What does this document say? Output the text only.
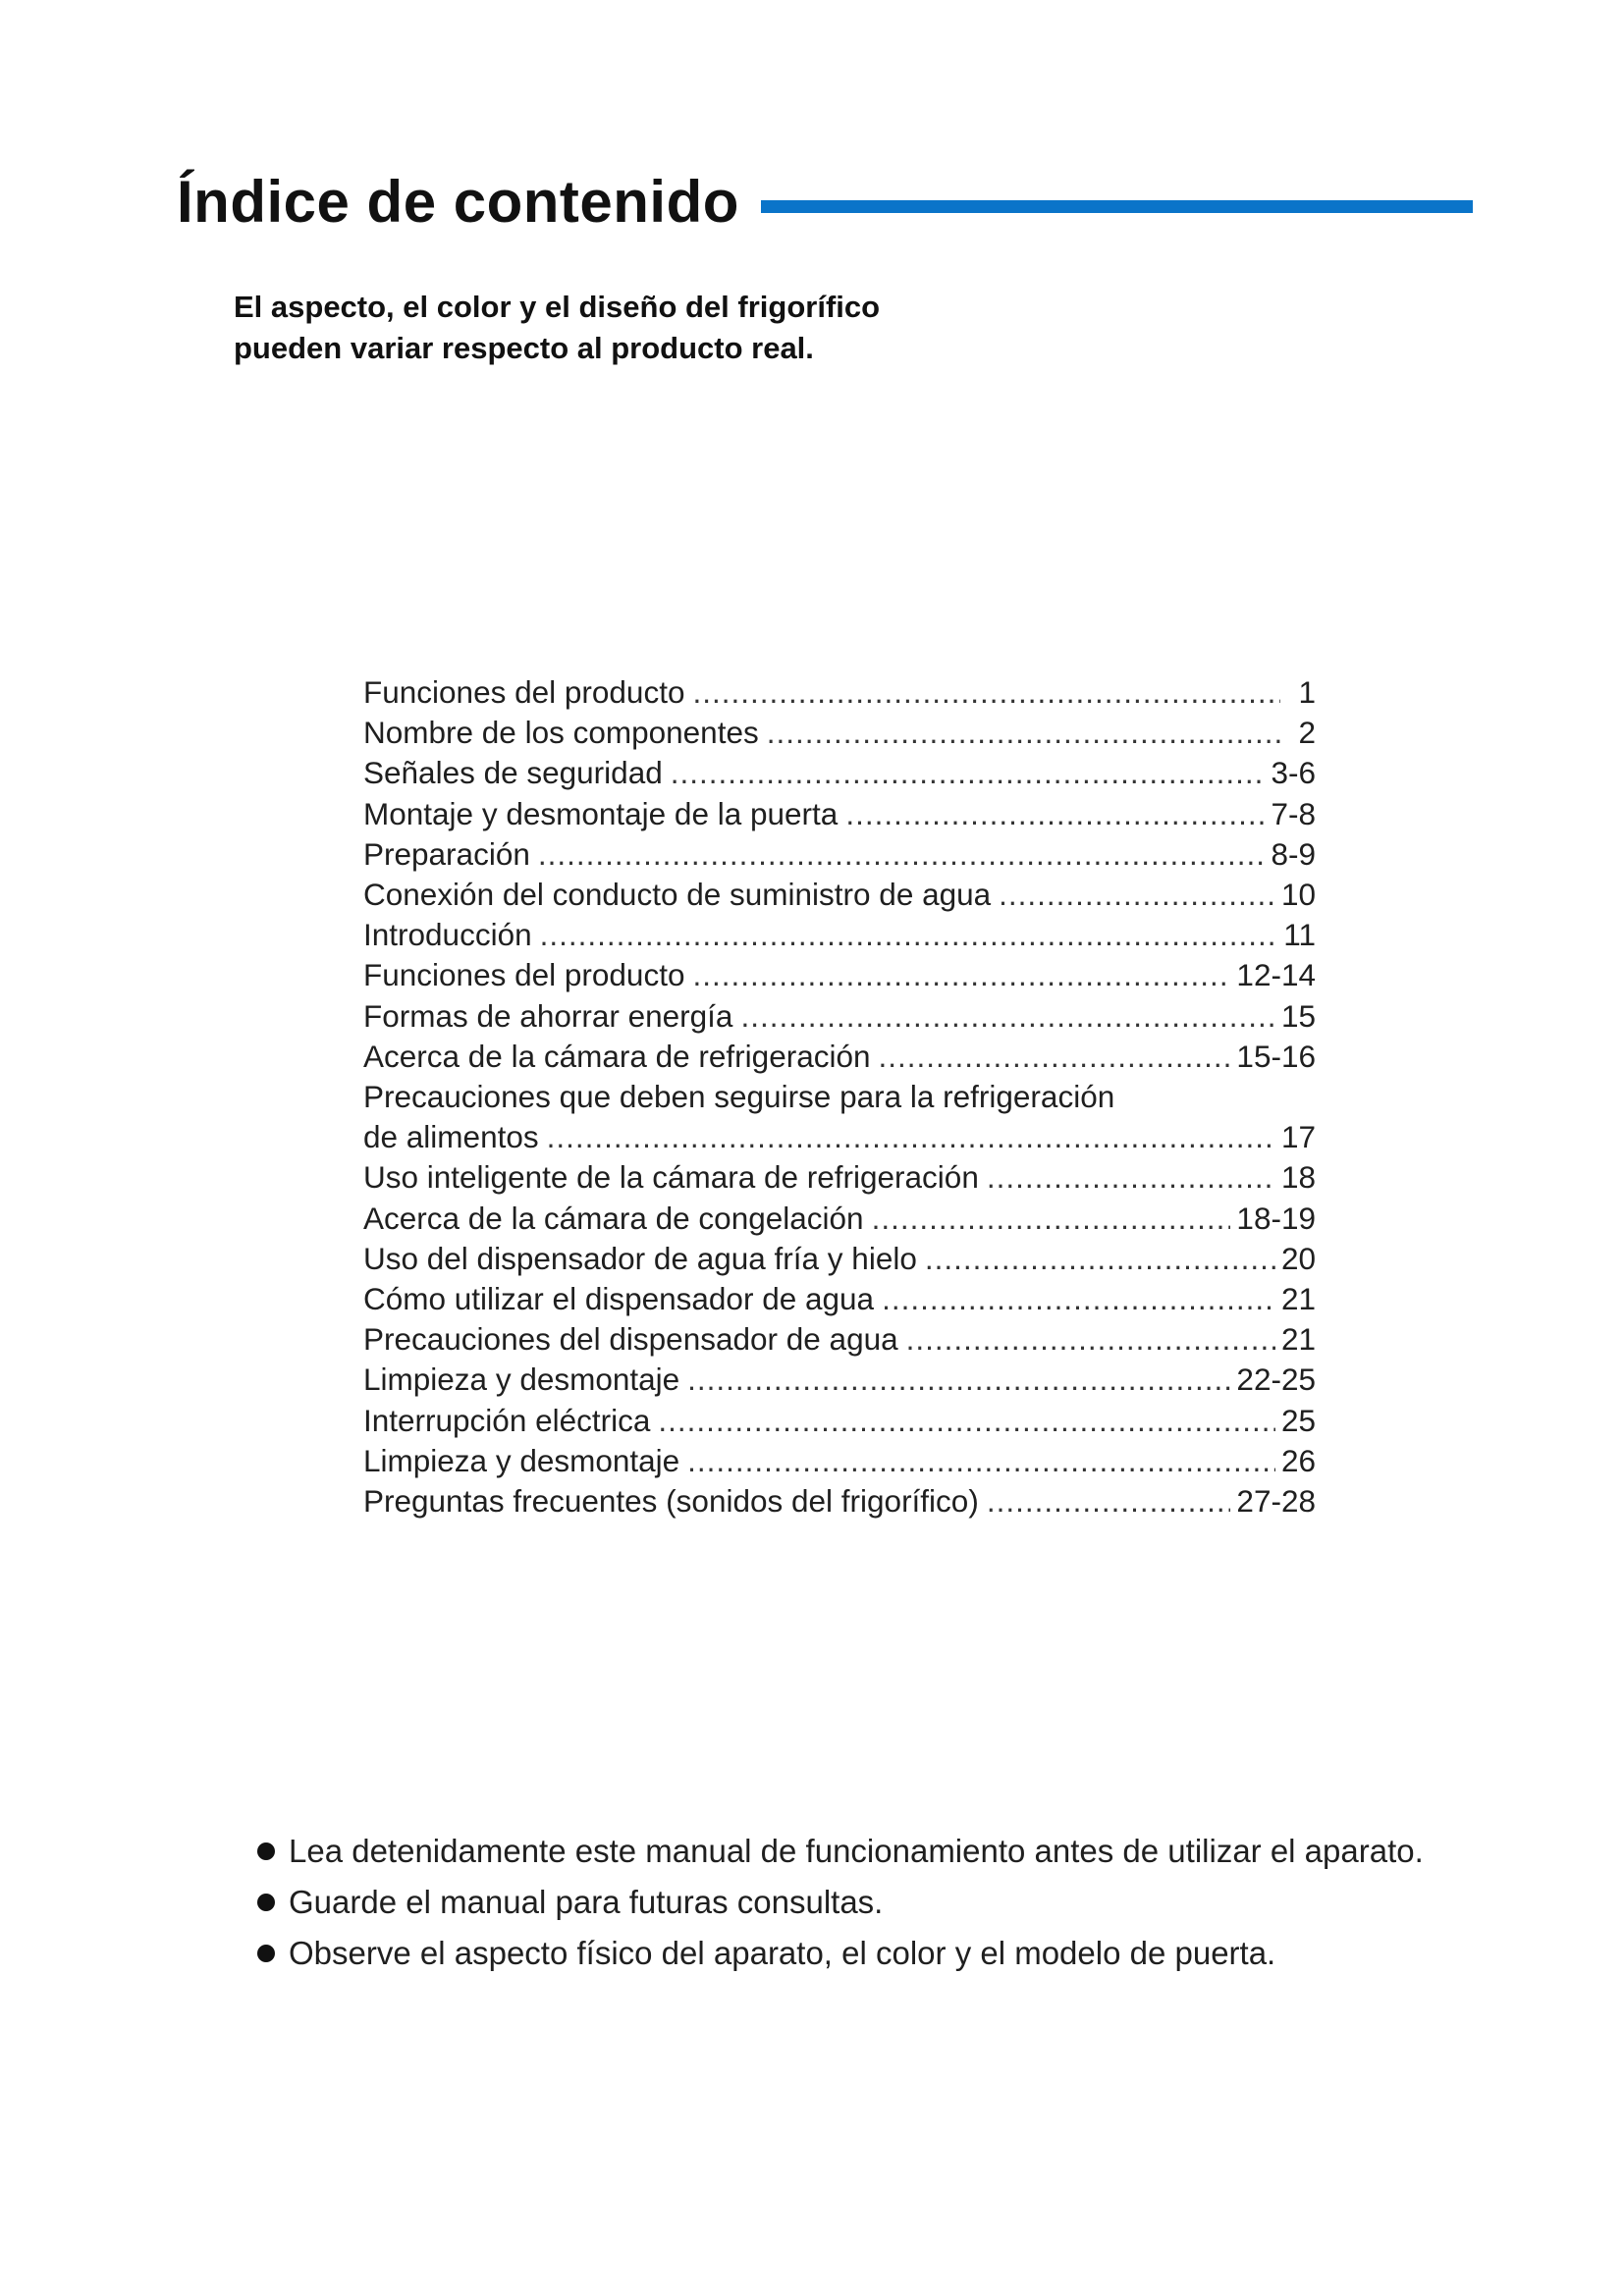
Índice de contenido
El aspecto, el color y el diseño del frigorífico
pueden variar respecto al producto real.
Funciones del producto .....	1
Nombre de los componentes .....	2
Señales de seguridad .....	3-6
Montaje y desmontaje de la puerta .....	7-8
Preparación .....	8-9
Conexión del conducto de suministro de agua .....	10
Introducción .....	11
Funciones del producto .....	12-14
Formas de ahorrar energía .....	15
Acerca de la cámara de refrigeración .....	15-16
Precauciones que deben seguirse para la refrigeración
de alimentos .....	17
Uso inteligente de la cámara de refrigeración .....	18
Acerca de la cámara de congelación .....	18-19
Uso del dispensador de agua fría y hielo .....	20
Cómo utilizar el dispensador de agua .....	21
Precauciones del dispensador de agua .....	21
Limpieza y desmontaje .....	22-25
Interrupción eléctrica .....	25
Limpieza y desmontaje .....	26
Preguntas frecuentes (sonidos del frigorífico) .....	27-28
Lea detenidamente este manual de funcionamiento antes de utilizar el aparato.
Guarde el manual para futuras consultas.
Observe el aspecto físico del aparato, el color y el modelo de puerta.
